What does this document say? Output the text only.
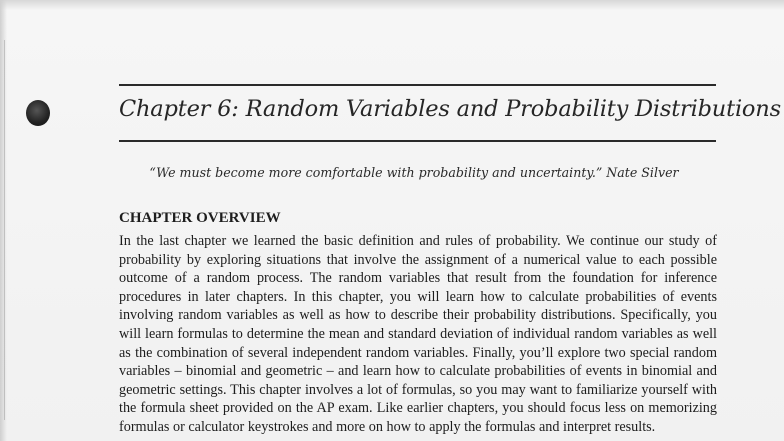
Chapter 6: Random Variables and Probability Distributions
“We must become more comfortable with probability and uncertainty.” Nate Silver
CHAPTER OVERVIEW

In the last chapter we learned the basic definition and rules of probability. We continue our study of probability by exploring situations that involve the assignment of a numerical value to each possible outcome of a random process. The random variables that result from the foundation for inference procedures in later chapters. In this chapter, you will learn how to calculate probabilities of events involving random variables as well as how to describe their probability distributions. Specifically, you will learn formulas to determine the mean and standard deviation of individual random variables as well as the combination of several independent random variables. Finally, you’ll explore two special random variables – binomial and geometric – and learn how to calculate probabilities of events in binomial and geometric settings. This chapter involves a lot of formulas, so you may want to familiarize yourself with the formula sheet provided on the AP exam. Like earlier chapters, you should focus less on memorizing formulas or calculator keystrokes and more on how to apply the formulas and interpret results.
